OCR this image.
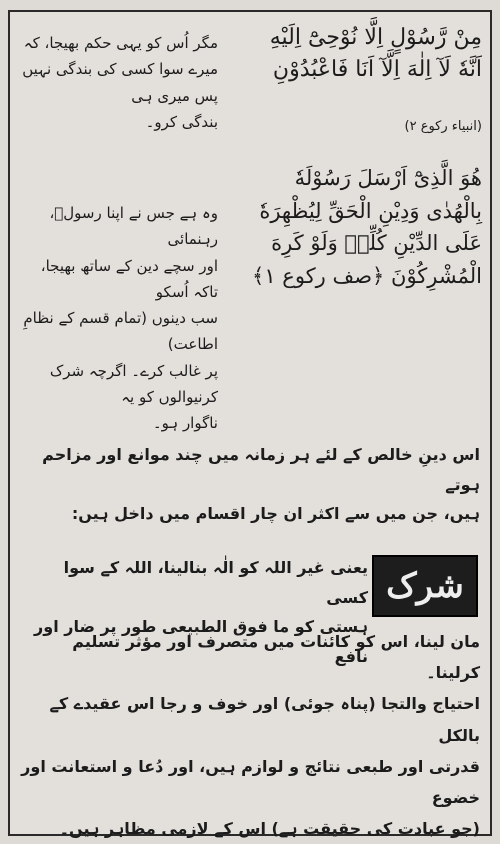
مِنْ رَّسُوْلٍ اِلَّا نُوْحِیْٓ اِلَیْهِ
اَنَّهٗ لَآ اِلٰهَ اِلَّآ اَنَا فَاعْبُدُوْنِ
(انبیاء رکوع ۲)
مگر اُس کو یہی حکم بھیجا، کہ
میرے سوا کسی کی بندگی نہیں پس میری ہی
بندگی کرو۔
هُوَ الَّذِیْٓ اَرْسَلَ رَسُوْلَهٗ
بِالْهُدٰى وَدِیْنِ الْحَقِّ لِیُظْهِرَهٗ
عَلَى الدِّیْنِ كُلِّهٖ وَلَوْ كَرِهَ
الْمُشْرِكُوْنَ ﴿صف رکوع ۱﴾
وہ ہے جس نے اپنا رسولؐ، رہنمائی
اور سچے دین کے ساتھ بھیجا، تاکہ اُسکو
سب دینوں (تمام قسم کے نظامِ اطاعت)
پر غالب کرے۔ اگرچہ شرک کرنیوالوں کو یہ
ناگوار ہو۔
اس دینِ خالص کے لئے ہر زمانہ میں چند موانع اور مزاحم ہوتے
ہیں، جن میں سے اکثر ان چار اقسام میں داخل ہیں:
شرک
یعنی غیر اللہ کو الٰہ بنالینا، اللہ کے سوا کسی
ہستی کو ما فوق الطبیعی طور پر ضار اور نافع
مان لینا، اس کو کائنات میں متصرف اور مؤثر تسلیم کرلینا۔
احتیاج والتجا (پناہ جوئی) اور خوف و رجا اس عقیدے کے بالکل
قدرتی اور طبعی نتائج و لوازم ہیں، اور دُعا و استعانت اور خضوع
(جو عبادت کی حقیقت ہے) اس کے لازمی مظاہر ہیں۔
